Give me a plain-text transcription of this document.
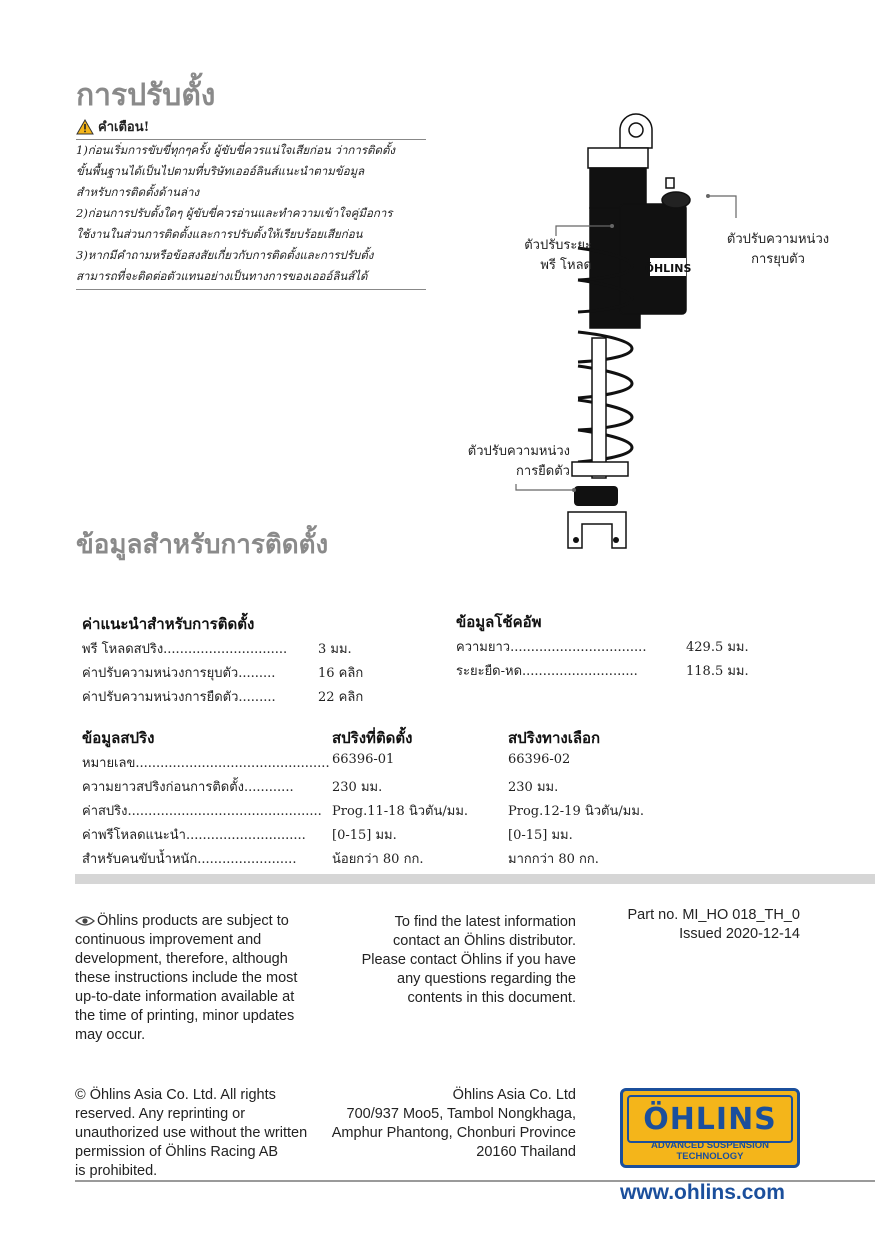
การปรับตั้ง
คำเตือน!
1)ก่อนเริ่มการขับขี่ทุกๆครั้ง ผู้ขับขี่ควรแน่ใจเสียก่อน ว่าการติดตั้ง
ขั้นพื้นฐานได้เป็นไปตามที่บริษัทเอออ์ลินส์แนะนำตามข้อมูล
สำหรับการติดตั้งด้านล่าง
2)ก่อนการปรับตั้งใดๆ ผู้ขับขี่ควรอ่านและทำความเข้าใจคู่มือการ
ใช้งานในส่วนการติดตั้งและการปรับตั้งให้เรียบร้อยเสียก่อน
3)หากมีคำถามหรือข้อสงสัยเกี่ยวกับการติดตั้งและการปรับตั้ง
สามารถที่จะติดต่อตัวแทนอย่างเป็นทางการของเอออ์ลินส์ได้
ÖHLINS
ตัวปรับระยะ
พรี โหลด
ตัวปรับความหน่วง
การยุบตัว
ตัวปรับความหน่วง
การยืดตัว
ข้อมูลสำหรับการติดตั้ง
ค่าแนะนำสำหรับการติดตั้ง
พรี โหลดสปริง.............................. 3 มม.
ค่าปรับความหน่วงการยุบตัว.........	16 คลิก
ค่าปรับความหน่วงการยืดตัว.........	22 คลิก
ข้อมูลโช้คอัพ
ความยาว.................................	429.5 มม.
ระยะยืด-หด............................	118.5 มม.
ข้อมูลสปริง	สปริงที่ติดตั้ง	สปริงทางเลือก
หมายเลข............................................... 66396-01	66396-02
ความยาวสปริงก่อนการติดตั้ง............	230 มม.	230 มม.
ค่าสปริง............................................... Prog.11-18 นิวตัน/มม.	Prog.12-19 นิวตัน/มม.
ค่าพรีโหลดแนะนำ............................. [0-15] มม.	[0-15] มม.
สำหรับคนขับน้ำหนัก........................	น้อยกว่า 80 กก.	มากกว่า 80 กก.
Öhlins products are subject to
continuous improvement and
development, therefore, although
these instructions include the most
up-to-date information available at
the time of printing, minor updates
may occur.
To find the latest information
contact an Öhlins distributor.
Please contact Öhlins if you have
any questions regarding the
contents in this document.
Part no. MI_HO 018_TH_0
Issued 2020-12-14
© Öhlins Asia Co. Ltd. All rights
reserved. Any reprinting or
unauthorized use without the written
permission of Öhlins Racing AB
is prohibited.
Öhlins Asia Co. Ltd
700/937 Moo5, Tambol Nongkhaga,
Amphur Phantong, Chonburi Province
20160 Thailand
ÖHLINS
ADVANCED SUSPENSION TECHNOLOGY
www.ohlins.com
